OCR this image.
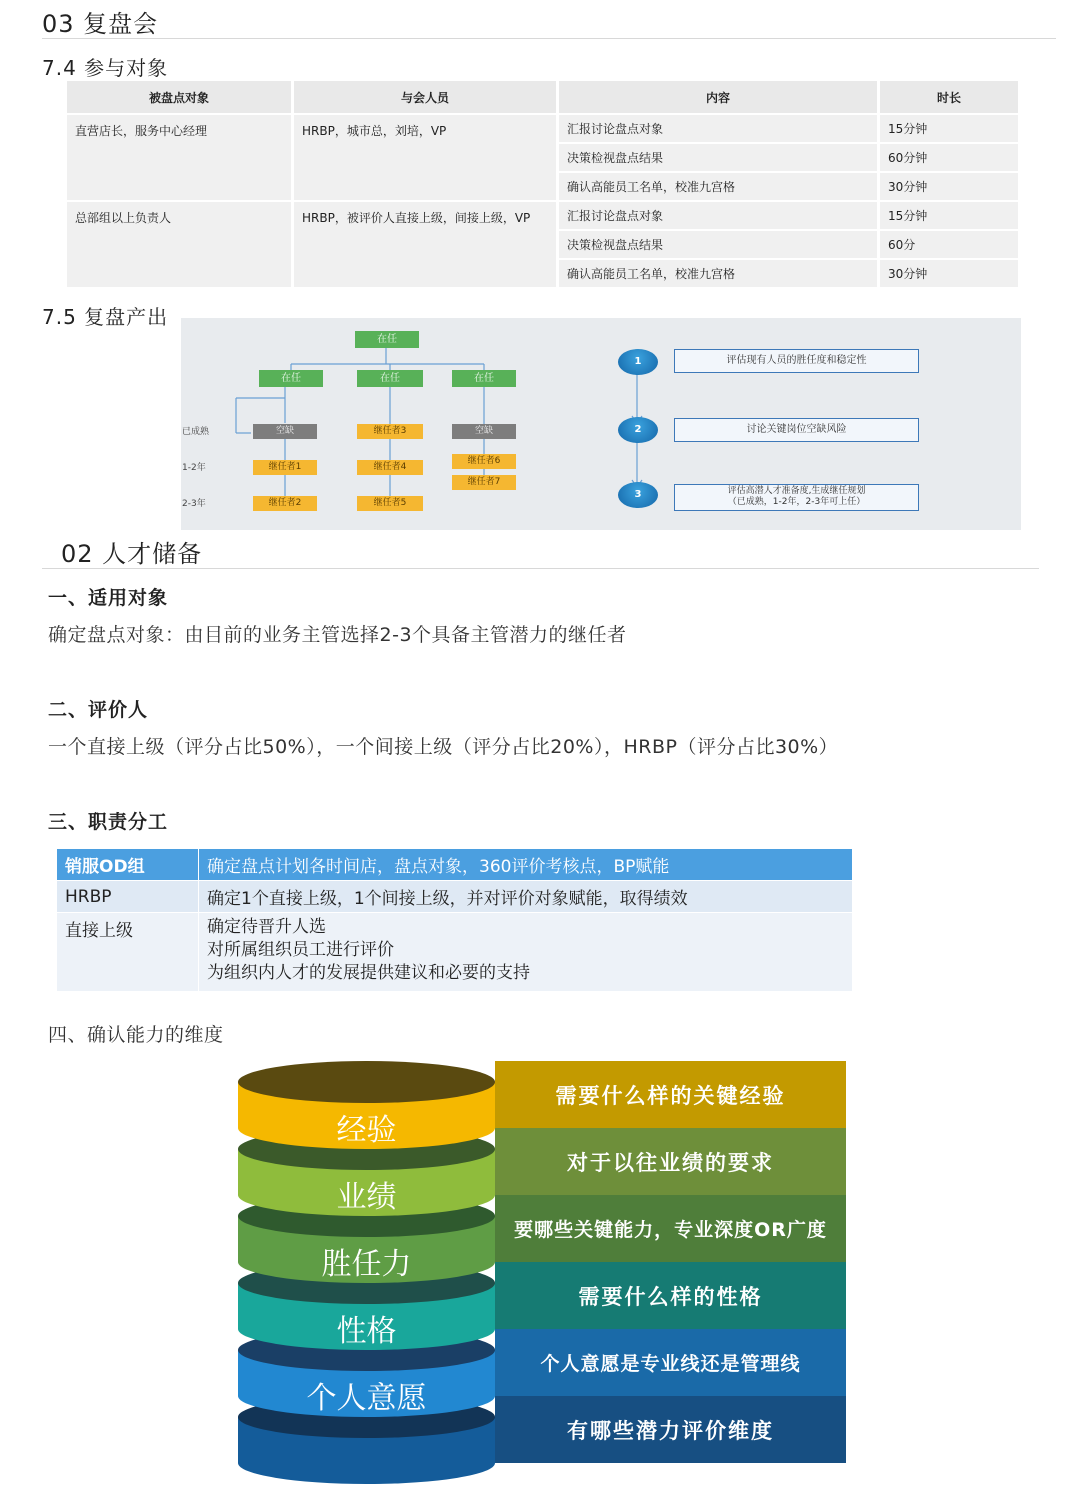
03 复盘会
7.4 参与对象
被盘点对象	与会人员	内容	时长
直营店长，服务中心经理	HRBP，城市总，刘培，VP	汇报讨论盘点对象	15分钟
		决策检视盘点结果	60分钟
		确认高能员工名单，校准九宫格	30分钟
总部组以上负责人	HRBP，被评价人直接上级，间接上级，VP	汇报讨论盘点对象	15分钟
		决策检视盘点结果	60分
		确认高能员工名单，校准九宫格	30分钟
7.5 复盘产出
在任
在任	在任	在任
已成熟
1-2年
2-3年
空缺
继任者1
继任者2
继任者3
继任者4
继任者5
空缺
继任者6
继任者7
1	评估现有人员的胜任度和稳定性
2	讨论关键岗位空缺风险
3	评估高潜人才准备度,生成继任规划
（已成熟，1-2年，2-3年可上任）
02 人才储备
一、适用对象
确定盘点对象：由目前的业务主管选择2-3个具备主管潜力的继任者
二、评价人
一个直接上级（评分占比50%），一个间接上级（评分占比20%），HRBP（评分占比30%）
三、职责分工
销服OD组	确定盘点计划各时间店，盘点对象，360评价考核点，BP赋能
HRBP	确定1个直接上级，1个间接上级，并对评价对象赋能，取得绩效
直接上级	确定待晋升人选
对所属组织员工进行评价
为组织内人才的发展提供建议和必要的支持
四、确认能力的维度
有哪些潜力评价维度
个人意愿
个人意愿是专业线还是管理线
性格
需要什么样的性格
胜任力
要哪些关键能力，专业深度OR广度
业绩
对于以往业绩的要求
经验
需要什么样的关键经验
